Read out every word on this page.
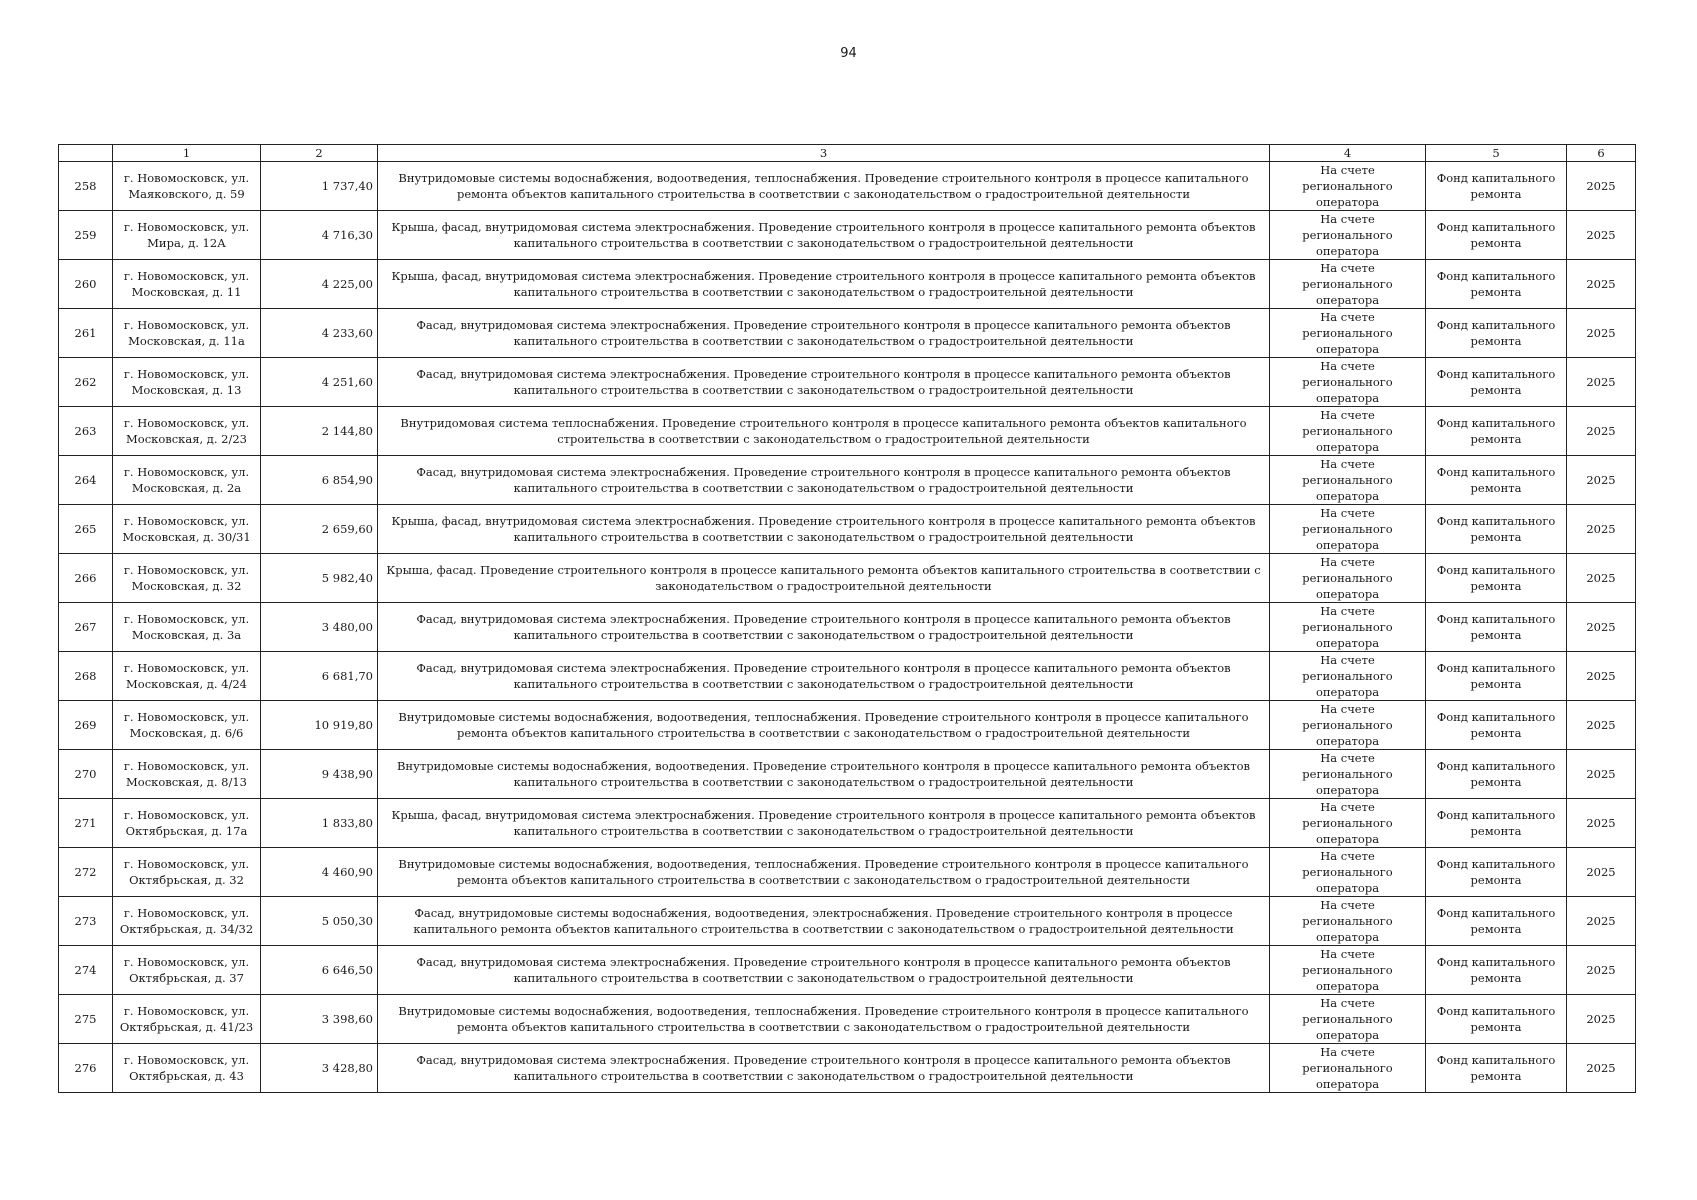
94
	1	2	3	4	5	6
258	г. Новомосковск, ул. Маяковского, д. 59	1 737,40	Внутридомовые системы водоснабжения, водоотведения, теплоснабжения. Проведение строительного контроля в процессе капитального ремонта объектов капитального строительства в соответствии с законодательством о градостроительной деятельности	На счете регионального оператора	Фонд капитального ремонта	2025
259	г. Новомосковск, ул. Мира, д. 12А	4 716,30	Крыша, фасад, внутридомовая система электроснабжения. Проведение строительного контроля в процессе капитального ремонта объектов капитального строительства в соответствии с законодательством о градостроительной деятельности	На счете регионального оператора	Фонд капитального ремонта	2025
260	г. Новомосковск, ул. Московская, д. 11	4 225,00	Крыша, фасад, внутридомовая система электроснабжения. Проведение строительного контроля в процессе капитального ремонта объектов капитального строительства в соответствии с законодательством о градостроительной деятельности	На счете регионального оператора	Фонд капитального ремонта	2025
261	г. Новомосковск, ул. Московская, д. 11а	4 233,60	Фасад, внутридомовая система электроснабжения. Проведение строительного контроля в процессе капитального ремонта объектов капитального строительства в соответствии с законодательством о градостроительной деятельности	На счете регионального оператора	Фонд капитального ремонта	2025
262	г. Новомосковск, ул. Московская, д. 13	4 251,60	Фасад, внутридомовая система электроснабжения. Проведение строительного контроля в процессе капитального ремонта объектов капитального строительства в соответствии с законодательством о градостроительной деятельности	На счете регионального оператора	Фонд капитального ремонта	2025
263	г. Новомосковск, ул. Московская, д. 2/23	2 144,80	Внутридомовая система теплоснабжения. Проведение строительного контроля в процессе капитального ремонта объектов капитального строительства в соответствии с законодательством о градостроительной деятельности	На счете регионального оператора	Фонд капитального ремонта	2025
264	г. Новомосковск, ул. Московская, д. 2а	6 854,90	Фасад, внутридомовая система электроснабжения. Проведение строительного контроля в процессе капитального ремонта объектов капитального строительства в соответствии с законодательством о градостроительной деятельности	На счете регионального оператора	Фонд капитального ремонта	2025
265	г. Новомосковск, ул. Московская, д. 30/31	2 659,60	Крыша, фасад, внутридомовая система электроснабжения. Проведение строительного контроля в процессе капитального ремонта объектов капитального строительства в соответствии с законодательством о градостроительной деятельности	На счете регионального оператора	Фонд капитального ремонта	2025
266	г. Новомосковск, ул. Московская, д. 32	5 982,40	Крыша, фасад. Проведение строительного контроля в процессе капитального ремонта объектов капитального строительства в соответствии с законодательством о градостроительной деятельности	На счете регионального оператора	Фонд капитального ремонта	2025
267	г. Новомосковск, ул. Московская, д. 3а	3 480,00	Фасад, внутридомовая система электроснабжения. Проведение строительного контроля в процессе капитального ремонта объектов капитального строительства в соответствии с законодательством о градостроительной деятельности	На счете регионального оператора	Фонд капитального ремонта	2025
268	г. Новомосковск, ул. Московская, д. 4/24	6 681,70	Фасад, внутридомовая система электроснабжения. Проведение строительного контроля в процессе капитального ремонта объектов капитального строительства в соответствии с законодательством о градостроительной деятельности	На счете регионального оператора	Фонд капитального ремонта	2025
269	г. Новомосковск, ул. Московская, д. 6/6	10 919,80	Внутридомовые системы водоснабжения, водоотведения, теплоснабжения. Проведение строительного контроля в процессе капитального ремонта объектов капитального строительства в соответствии с законодательством о градостроительной деятельности	На счете регионального оператора	Фонд капитального ремонта	2025
270	г. Новомосковск, ул. Московская, д. 8/13	9 438,90	Внутридомовые системы водоснабжения, водоотведения. Проведение строительного контроля в процессе капитального ремонта объектов капитального строительства в соответствии с законодательством о градостроительной деятельности	На счете регионального оператора	Фонд капитального ремонта	2025
271	г. Новомосковск, ул. Октябрьская, д. 17а	1 833,80	Крыша, фасад, внутридомовая система электроснабжения. Проведение строительного контроля в процессе капитального ремонта объектов капитального строительства в соответствии с законодательством о градостроительной деятельности	На счете регионального оператора	Фонд капитального ремонта	2025
272	г. Новомосковск, ул. Октябрьская, д. 32	4 460,90	Внутридомовые системы водоснабжения, водоотведения, теплоснабжения. Проведение строительного контроля в процессе капитального ремонта объектов капитального строительства в соответствии с законодательством о градостроительной деятельности	На счете регионального оператора	Фонд капитального ремонта	2025
273	г. Новомосковск, ул. Октябрьская, д. 34/32	5 050,30	Фасад, внутридомовые системы водоснабжения, водоотведения, электроснабжения. Проведение строительного контроля в процессе капитального ремонта объектов капитального строительства в соответствии с законодательством о градостроительной деятельности	На счете регионального оператора	Фонд капитального ремонта	2025
274	г. Новомосковск, ул. Октябрьская, д. 37	6 646,50	Фасад, внутридомовая система электроснабжения. Проведение строительного контроля в процессе капитального ремонта объектов капитального строительства в соответствии с законодательством о градостроительной деятельности	На счете регионального оператора	Фонд капитального ремонта	2025
275	г. Новомосковск, ул. Октябрьская, д. 41/23	3 398,60	Внутридомовые системы водоснабжения, водоотведения, теплоснабжения. Проведение строительного контроля в процессе капитального ремонта объектов капитального строительства в соответствии с законодательством о градостроительной деятельности	На счете регионального оператора	Фонд капитального ремонта	2025
276	г. Новомосковск, ул. Октябрьская, д. 43	3 428,80	Фасад, внутридомовая система электроснабжения. Проведение строительного контроля в процессе капитального ремонта объектов капитального строительства в соответствии с законодательством о градостроительной деятельности	На счете регионального оператора	Фонд капитального ремонта	2025
